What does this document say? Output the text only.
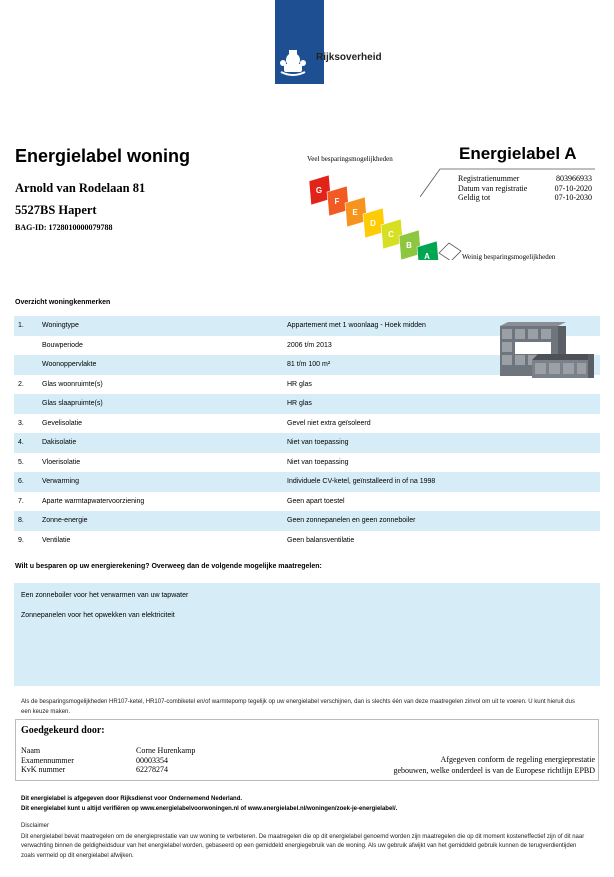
Rijksoverheid
Energielabel woning
Arnold van Rodelaan 81
5527BS Hapert
BAG-ID: 1728010000079788
Veel besparingsmogelijkheden
G
F
E
D
C
B
A	Weinig besparingsmogelijkheden
Energielabel A
Registratienummer	803966933
Datum van registratie	07-10-2020
Geldig tot	07-10-2030
Overzicht woningkenmerken
1.	Woningtype	Appartement met 1 woonlaag - Hoek midden
Bouwperiode	2006 t/m 2013
Woonoppervlakte	81 t/m 100 m²
2.	Glas woonruimte(s)	HR glas
Glas slaapruimte(s)	HR glas
3.	Gevelisolatie	Gevel niet extra geïsoleerd
4.	Dakisolatie	Niet van toepassing
5.	Vloerisolatie	Niet van toepassing
6.	Verwarming	Individuele CV-ketel, geïnstalleerd in of na 1998
7.	Aparte warmtapwatervoorziening	Geen apart toestel
8.	Zonne-energie	Geen zonnepanelen en geen zonneboiler
9.	Ventilatie	Geen balansventilatie
Wilt u besparen op uw energierekening? Overweeg dan de volgende mogelijke maatregelen:
Een zonneboiler voor het verwarmen van uw tapwater
Zonnepanelen voor het opwekken van elektriciteit
Als de besparingsmogelijkheden HR107-ketel, HR107-combiketel en/of warmtepomp tegelijk op uw energielabel verschijnen, dan is slechts één van deze maatregelen zinvol om uit te voeren. U kunt hieruit dus een keuze maken.
Goedgekeurd door:
Naam	Corne Hurenkamp
Examennummer	00003354
KvK nummer	62278274
Afgegeven conform de regeling energieprestatie
gebouwen, welke onderdeel is van de Europese richtlijn EPBD
Dit energielabel is afgegeven door Rijksdienst voor Ondernemend Nederland.
Dit energielabel kunt u altijd verifiëren op www.energielabelvoorwoningen.nl of www.energielabel.nl/woningen/zoek-je-energielabel/.
Disclaimer
Dit energielabel bevat maatregelen om de energieprestatie van uw woning te verbeteren. De maatregelen die op dit energielabel genoemd worden zijn maatregelen die op dit moment kosteneffectief zijn of dit naar verwachting binnen de geldigheidsduur van het energielabel worden, gebaseerd op een gemiddeld energiegebruik van de woning. Als uw gebruik afwijkt van het gemiddeld gebruik kunnen de terugverdientijden zoals vermeld op dit energielabel afwijken.
